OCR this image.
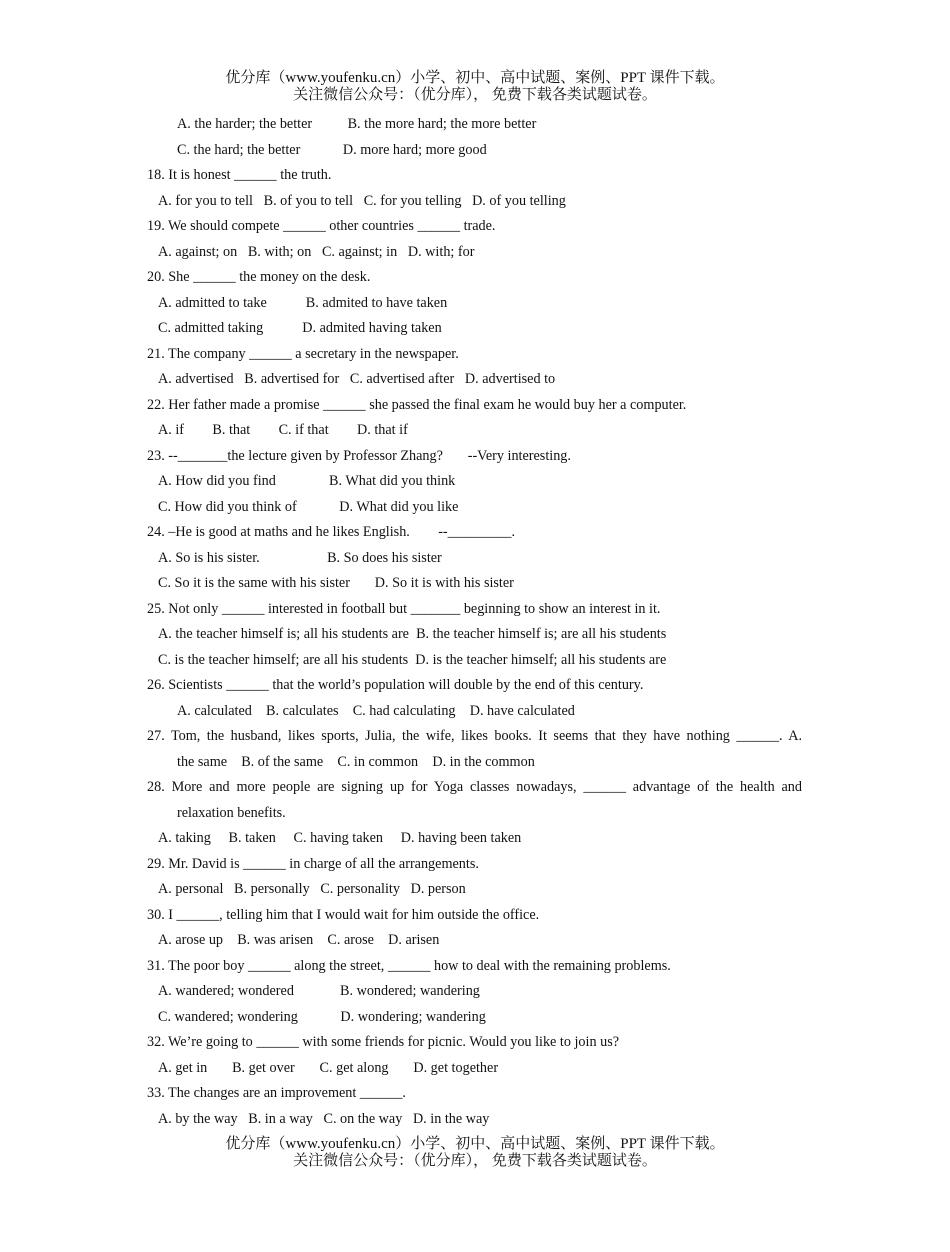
优分库（www.youfenku.cn）小学、初中、高中试题、案例、PPT 课件下载。
关注微信公众号：（优分库）， 免费下载各类试题试卷。
A. the harder; the better          B. the more hard; the more better
C. the hard; the better            D. more hard; more good
18. It is honest ______ the truth.
A. for you to tell   B. of you to tell   C. for you telling   D. of you telling
19. We should compete ______ other countries ______ trade.
A. against; on   B. with; on   C. against; in   D. with; for
20. She ______ the money on the desk.
A. admitted to take           B. admited to have taken
C. admitted taking           D. admited having taken
21. The company ______ a secretary in the newspaper.
A. advertised   B. advertised for   C. advertised after   D. advertised to
22. Her father made a promise ______ she passed the final exam he would buy her a computer.
A. if        B. that        C. if that        D. that if
23. --_______the lecture given by Professor Zhang?       --Very interesting.
A. How did you find               B. What did you think
C. How did you think of            D. What did you like
24. –He is good at maths and he likes English.        --_________.
A. So is his sister.                   B. So does his sister
C. So it is the same with his sister       D. So it is with his sister
25. Not only ______ interested in football but _______ beginning to show an interest in it.
A. the teacher himself is; all his students are  B. the teacher himself is; are all his students
C. is the teacher himself; are all his students  D. is the teacher himself; all his students are
26. Scientists ______ that the world’s population will double by the end of this century.
A. calculated    B. calculates    C. had calculating    D. have calculated
27. Tom, the husband, likes sports, Julia, the wife, likes books. It seems that they have nothing ______. A.
the same    B. of the same    C. in common    D. in the common
28. More and more people are signing up for Yoga classes nowadays, ______ advantage of the health and
relaxation benefits.
A. taking     B. taken     C. having taken     D. having been taken
29. Mr. David is ______ in charge of all the arrangements.
A. personal   B. personally   C. personality   D. person
30. I ______, telling him that I would wait for him outside the office.
A. arose up    B. was arisen    C. arose    D. arisen
31. The poor boy ______ along the street, ______ how to deal with the remaining problems.
A. wandered; wondered             B. wondered; wandering
C. wandered; wondering            D. wondering; wandering
32. We’re going to ______ with some friends for picnic. Would you like to join us?
A. get in       B. get over       C. get along       D. get together
33. The changes are an improvement ______.
A. by the way   B. in a way   C. on the way   D. in the way
优分库（www.youfenku.cn）小学、初中、高中试题、案例、PPT 课件下载。
关注微信公众号：（优分库）， 免费下载各类试题试卷。
